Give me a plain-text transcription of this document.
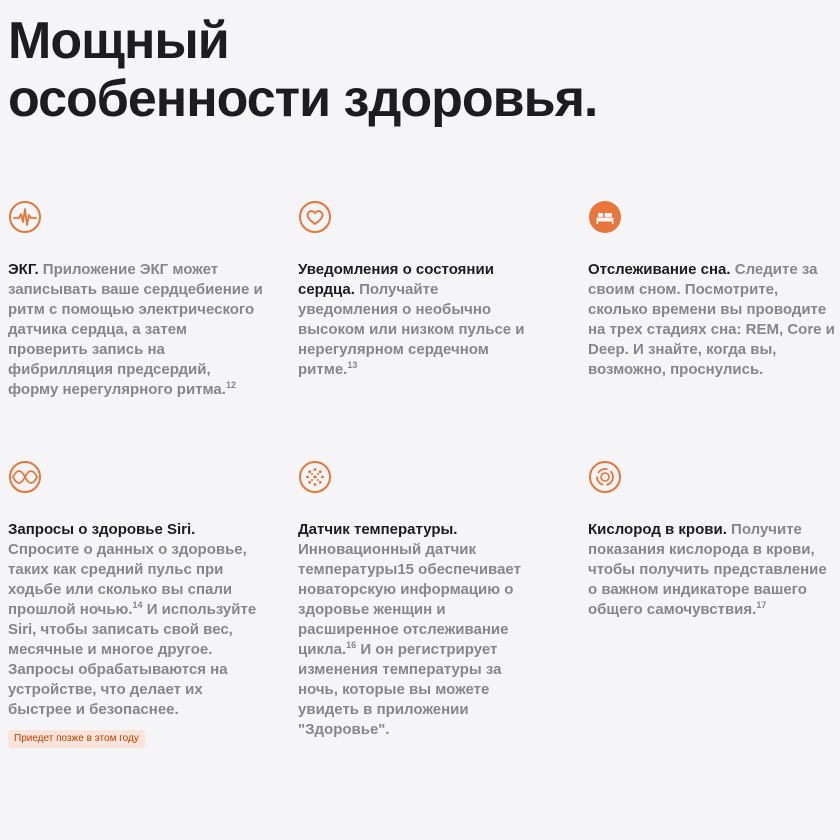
Мощный
особенности здоровья.

ЭКГ. Приложение ЭКГ может записывать ваше сердцебиение и ритм с помощью электрического датчика сердца, а затем проверить запись на фибрилляция предсердий, форму нерегулярного ритма.$^{12}$

Уведомления о состоянии сердца. Получайте уведомления о необычно высоком или низком пульсе и нерегулярном сердечном ритме.$^{13}$

Отслеживание сна. Следите за своим сном. Посмотрите, сколько времени вы проводите на трех стадиях сна: REM, Core и Deep. И знайте, когда вы, возможно, проснулись.

Запросы о здоровье Siri. Спросите о данных о здоровье, таких как средний пульс при ходьбе или сколько вы спали прошлой ночью.$^{14}$ И используйте Siri, чтобы записать свой вес, месячные и многое другое. Запросы обрабатываются на устройстве, что делает их быстрее и безопаснее.

Приедет позже в этом году

Датчик температуры. Инновационный датчик температуры15 обеспечивает новаторскую информацию о здоровье женщин и расширенное отслеживание цикла.$^{16}$ И он регистрирует изменения температуры за ночь, которые вы можете увидеть в приложении "Здоровье".

Кислород в крови. Получите показания кислорода в крови, чтобы получить представление о важном индикаторе вашего общего самочувствия.$^{17}$
